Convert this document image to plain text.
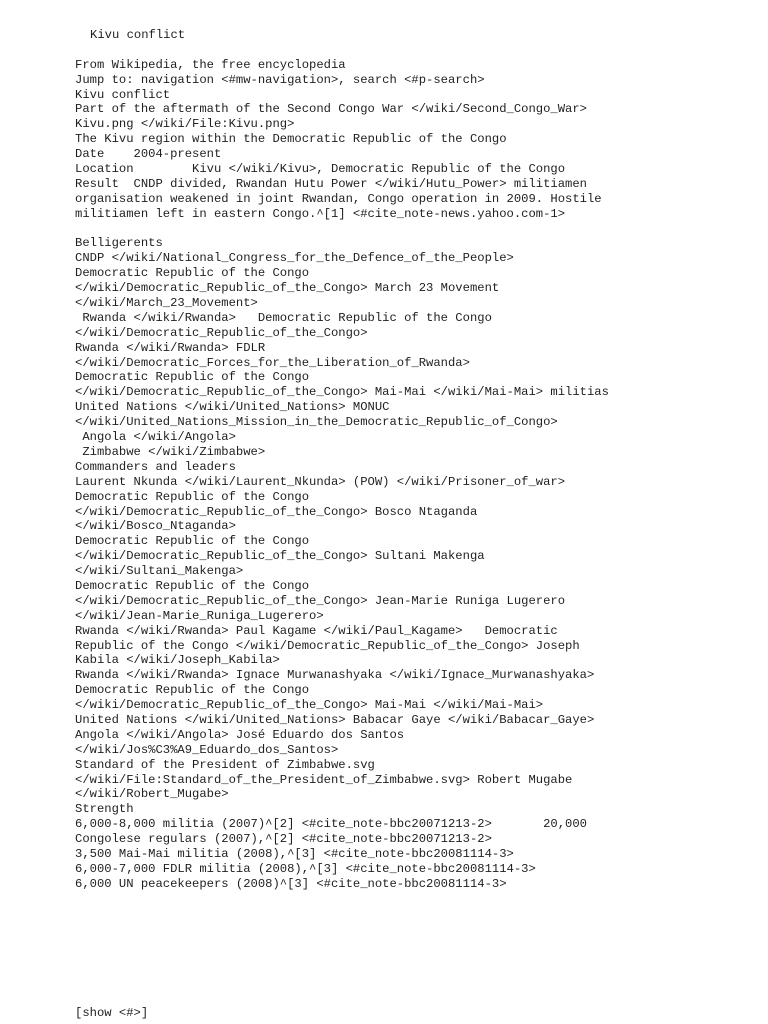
Kivu conflict
From Wikipedia, the free encyclopedia
Jump to: navigation <#mw-navigation>, search <#p-search>
Kivu conflict
Part of the aftermath of the Second Congo War </wiki/Second_Congo_War>
Kivu.png </wiki/File:Kivu.png>
The Kivu region within the Democratic Republic of the Congo
Date    2004-present
Location        Kivu </wiki/Kivu>, Democratic Republic of the Congo
Result  CNDP divided, Rwandan Hutu Power </wiki/Hutu_Power> militiamen
organisation weakened in joint Rwandan, Congo operation in 2009. Hostile
militiamen left in eastern Congo.^[1] <#cite_note-news.yahoo.com-1>
Belligerents
CNDP </wiki/National_Congress_for_the_Defence_of_the_People>
Democratic Republic of the Congo
</wiki/Democratic_Republic_of_the_Congo> March 23 Movement
</wiki/March_23_Movement>
Rwanda </wiki/Rwanda>   Democratic Republic of the Congo
</wiki/Democratic_Republic_of_the_Congo>
Rwanda </wiki/Rwanda> FDLR
</wiki/Democratic_Forces_for_the_Liberation_of_Rwanda>
Democratic Republic of the Congo
</wiki/Democratic_Republic_of_the_Congo> Mai-Mai </wiki/Mai-Mai> militias
United Nations </wiki/United_Nations> MONUC
</wiki/United_Nations_Mission_in_the_Democratic_Republic_of_Congo>
Angola </wiki/Angola>
Zimbabwe </wiki/Zimbabwe>
Commanders and leaders
Laurent Nkunda </wiki/Laurent_Nkunda> (POW) </wiki/Prisoner_of_war>
Democratic Republic of the Congo
</wiki/Democratic_Republic_of_the_Congo> Bosco Ntaganda
</wiki/Bosco_Ntaganda>
Democratic Republic of the Congo
</wiki/Democratic_Republic_of_the_Congo> Sultani Makenga
</wiki/Sultani_Makenga>
Democratic Republic of the Congo
</wiki/Democratic_Republic_of_the_Congo> Jean-Marie Runiga Lugerero
</wiki/Jean-Marie_Runiga_Lugerero>
Rwanda </wiki/Rwanda> Paul Kagame </wiki/Paul_Kagame>   Democratic
Republic of the Congo </wiki/Democratic_Republic_of_the_Congo> Joseph
Kabila </wiki/Joseph_Kabila>
Rwanda </wiki/Rwanda> Ignace Murwanashyaka </wiki/Ignace_Murwanashyaka>
Democratic Republic of the Congo
</wiki/Democratic_Republic_of_the_Congo> Mai-Mai </wiki/Mai-Mai>
United Nations </wiki/United_Nations> Babacar Gaye </wiki/Babacar_Gaye>
Angola </wiki/Angola> José Eduardo dos Santos
</wiki/Jos%C3%A9_Eduardo_dos_Santos>
Standard of the President of Zimbabwe.svg
</wiki/File:Standard_of_the_President_of_Zimbabwe.svg> Robert Mugabe
</wiki/Robert_Mugabe>
Strength
6,000-8,000 militia (2007)^[2] <#cite_note-bbc20071213-2>       20,000
Congolese regulars (2007),^[2] <#cite_note-bbc20071213-2>
3,500 Mai-Mai militia (2008),^[3] <#cite_note-bbc20081114-3>
6,000-7,000 FDLR militia (2008),^[3] <#cite_note-bbc20081114-3>
6,000 UN peacekeepers (2008)^[3] <#cite_note-bbc20081114-3>
[show <#>]
